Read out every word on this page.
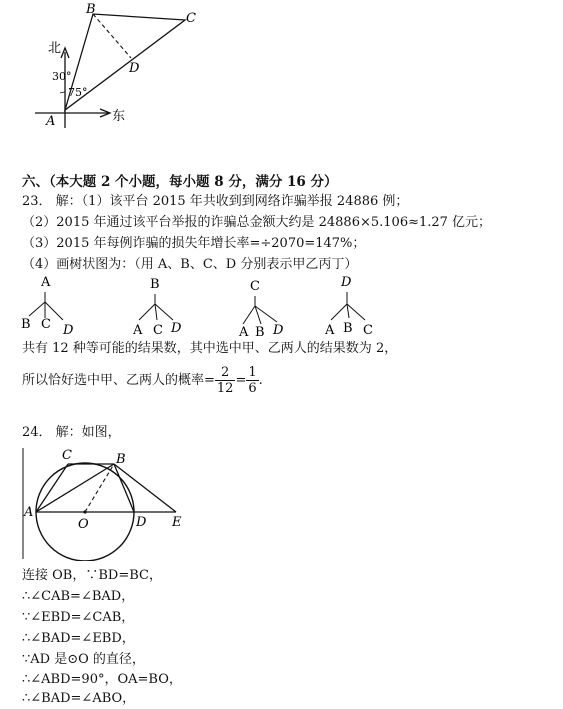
北
30°
75°
东
A
B
C
D
六、（本大题 2 个小题，每小题 8 分，满分 16 分）
23． 解：（1）该平台 2015 年共收到到网络诈骗举报 24886 例；
（2）2015 年通过该平台举报的诈骗总金额大约是 24886×5.106≈1.27 亿元；
（3）2015 年每例诈骗的损失年增长率=÷2070=147%；
（4）画树状图为：（用 A、B、C、D 分别表示甲乙丙丁）
A
B C D
B
A C D
C
A B D
D
A B C
共有 12 种等可能的结果数，其中选中甲、乙两人的结果数为 2，
所以恰好选中甲、乙两人的概率= $\frac{2}{12} = \frac{1}{6}$ .
24． 解：如图，
A
C	B
O	D E
连接 OB，∵BD=BC，
∴∠CAB=∠BAD，
∵∠EBD=∠CAB，
∴∠BAD=∠EBD，
∵AD 是⊙O 的直径，
∴∠ABD=90°，OA=BO，
∴∠BAD=∠ABO，
